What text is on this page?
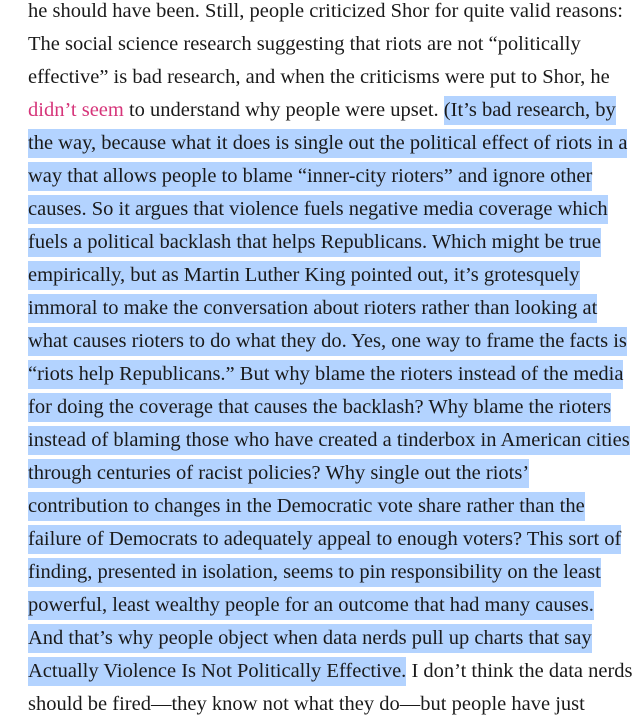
he should have been. Still, people criticized Shor for quite valid reasons:
The social science research suggesting that riots are not “politically
effective” is bad research, and when the criticisms were put to Shor, he
didn’t seem to understand why people were upset. (It’s bad research, by
the way, because what it does is single out the political effect of riots in a
way that allows people to blame “inner-city rioters” and ignore other
causes. So it argues that violence fuels negative media coverage which
fuels a political backlash that helps Republicans. Which might be true
empirically, but as Martin Luther King pointed out, it’s grotesquely
immoral to make the conversation about rioters rather than looking at
what causes rioters to do what they do. Yes, one way to frame the facts is
“riots help Republicans.” But why blame the rioters instead of the media
for doing the coverage that causes the backlash? Why blame the rioters
instead of blaming those who have created a tinderbox in American cities
through centuries of racist policies? Why single out the riots’
contribution to changes in the Democratic vote share rather than the
failure of Democrats to adequately appeal to enough voters? This sort of
finding, presented in isolation, seems to pin responsibility on the least
powerful, least wealthy people for an outcome that had many causes.
And that’s why people object when data nerds pull up charts that say
Actually Violence Is Not Politically Effective. I don’t think the data nerds
should be fired—they know not what they do—but people have just
